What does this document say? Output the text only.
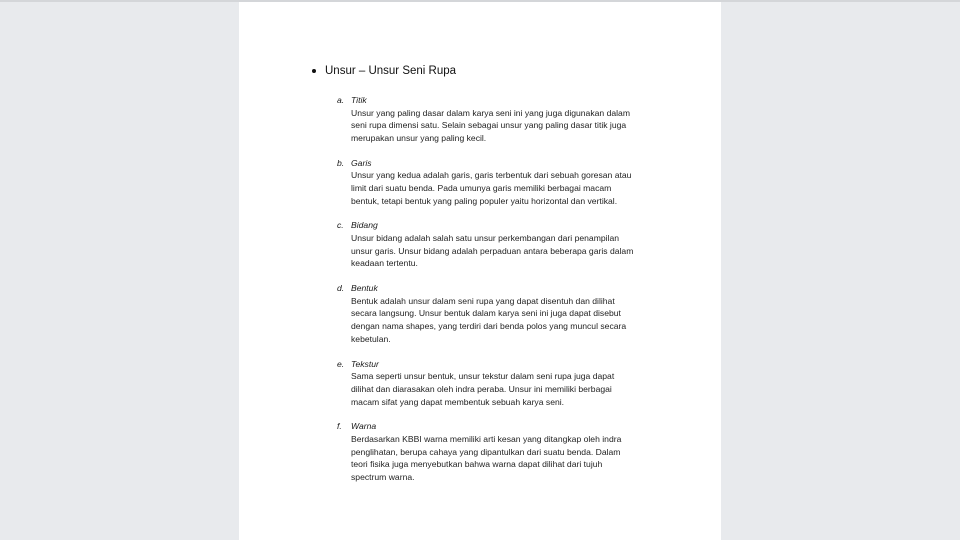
Unsur – Unsur Seni Rupa
a. Titik
Unsur yang paling dasar dalam karya seni ini yang juga digunakan dalam
seni rupa dimensi satu. Selain sebagai unsur yang paling dasar titik juga
merupakan unsur yang paling kecil.
b. Garis
Unsur yang kedua adalah garis, garis terbentuk dari sebuah goresan atau
limit dari suatu benda. Pada umunya garis memiliki berbagai macam
bentuk, tetapi bentuk yang paling populer yaitu horizontal dan vertikal.
c. Bidang
Unsur bidang adalah salah satu unsur perkembangan dari penampilan
unsur garis. Unsur bidang adalah perpaduan antara beberapa garis dalam
keadaan tertentu.
d. Bentuk
Bentuk adalah unsur dalam seni rupa yang dapat disentuh dan dilihat
secara langsung. Unsur bentuk dalam karya seni ini juga dapat disebut
dengan nama shapes, yang terdiri dari benda polos yang muncul secara
kebetulan.
e. Tekstur
Sama seperti unsur bentuk, unsur tekstur dalam seni rupa juga dapat
dilihat dan diarasakan oleh indra peraba. Unsur ini memiliki berbagai
macam sifat yang dapat membentuk sebuah karya seni.
f. Warna
Berdasarkan KBBI warna memiliki arti kesan yang ditangkap oleh indra
penglihatan, berupa cahaya yang dipantulkan dari suatu benda. Dalam
teori fisika juga menyebutkan bahwa warna dapat dilihat dari tujuh
spectrum warna.
